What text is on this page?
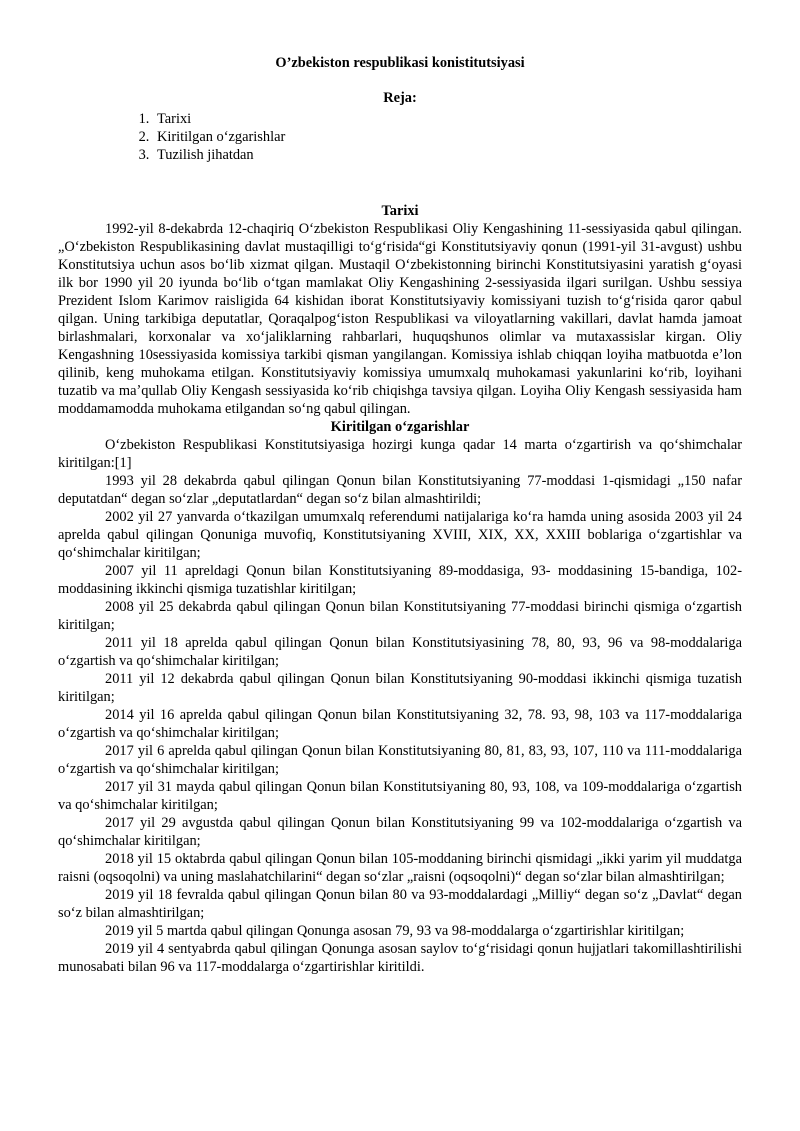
O’zbekiston respublikasi konistitutsiyasi
Reja:
1. Tarixi
2. Kiritilgan o‘zgarishlar
3. Tuzilish jihatdan
Tarixi

1992-yil 8-dekabrda 12-chaqiriq Oʻzbekiston Respublikasi Oliy Kengashining 11-sessiyasida qabul qilingan. „Oʻzbekiston Respublikasining davlat mustaqilligi toʻgʻrisida“gi Konstitutsiyaviy qonun (1991-yil 31-avgust) ushbu Konstitutsiya uchun asos boʻlib xizmat qilgan. Mustaqil Oʻzbekistonning birinchi Konstitutsiyasini yaratish gʻoyasi ilk bor 1990 yil 20 iyunda boʻlib oʻtgan mamlakat Oliy Kengashining 2-sessiyasida ilgari surilgan. Ushbu sessiya Prezident Islom Karimov raisligida 64 kishidan iborat Konstitutsiyaviy komissiyani tuzish toʻgʻrisida qaror qabul qilgan. Uning tarkibiga deputatlar, Qoraqalpogʻiston Respublikasi va viloyatlarning vakillari, davlat hamda jamoat birlashmalari, korxonalar va xoʻjaliklarning rahbarlari, huquqshunos olimlar va mutaxassislar kirgan. Oliy Kengashning 10sessiyasida komissiya tarkibi qisman yangilangan. Komissiya ishlab chiqqan loyiha matbuotda eʼlon qilinib, keng muhokama etilgan. Konstitutsiyaviy komissiya umumxalq muhokamasi yakunlarini koʻrib, loyihani tuzatib va maʼqullab Oliy Kengash sessiyasida koʻrib chiqishga tavsiya qilgan. Loyiha Oliy Kengash sessiyasida ham moddamamodda muhokama etilgandan soʻng qabul qilingan.

Kiritilgan oʻzgarishlar

Oʻzbekiston Respublikasi Konstitutsiyasiga hozirgi kunga qadar 14 marta oʻzgartirish va qoʻshimchalar kiritilgan:[1]

1993 yil 28 dekabrda qabul qilingan Qonun bilan Konstitutsiyaning 77-moddasi 1-qismidagi „150 nafar deputatdan“ degan soʻzlar „deputatlardan“ degan soʻz bilan almashtirildi;

2002 yil 27 yanvarda oʻtkazilgan umumxalq referendumi natijalariga koʻra hamda uning asosida 2003 yil 24 aprelda qabul qilingan Qonuniga muvofiq, Konstitutsiyaning XVIII, XIX, XX, XXIII boblariga oʻzgartishlar va qoʻshimchalar kiritilgan;

2007 yil 11 apreldagi Qonun bilan Konstitutsiyaning 89-moddasiga, 93- moddasining 15-bandiga, 102-moddasining ikkinchi qismiga tuzatishlar kiritilgan;

2008 yil 25 dekabrda qabul qilingan Qonun bilan Konstitutsiyaning 77-moddasi birinchi qismiga oʻzgartish kiritilgan;

2011 yil 18 aprelda qabul qilingan Qonun bilan Konstitutsiyasining 78, 80, 93, 96 va 98-moddalariga oʻzgartish va qoʻshimchalar kiritilgan;

2011 yil 12 dekabrda qabul qilingan Qonun bilan Konstitutsiyaning 90-moddasi ikkinchi qismiga tuzatish kiritilgan;

2014 yil 16 aprelda qabul qilingan Qonun bilan Konstitutsiyaning 32, 78. 93, 98, 103 va 117-moddalariga oʻzgartish va qoʻshimchalar kiritilgan;

2017 yil 6 aprelda qabul qilingan Qonun bilan Konstitutsiyaning 80, 81, 83, 93, 107, 110 va 111-moddalariga oʻzgartish va qoʻshimchalar kiritilgan;

2017 yil 31 mayda qabul qilingan Qonun bilan Konstitutsiyaning 80, 93, 108, va 109-moddalariga oʻzgartish va qoʻshimchalar kiritilgan;

2017 yil 29 avgustda qabul qilingan Qonun bilan Konstitutsiyaning 99 va 102-moddalariga oʻzgartish va qoʻshimchalar kiritilgan;

2018 yil 15 oktabrda qabul qilingan Qonun bilan 105-moddaning birinchi qismidagi „ikki yarim yil muddatga raisni (oqsoqolni) va uning maslahatchilarini“ degan soʻzlar „raisni (oqsoqolni)“ degan soʻzlar bilan almashtirilgan;

2019 yil 18 fevralda qabul qilingan Qonun bilan 80 va 93-moddalardagi „Milliy“ degan soʻz „Davlat“ degan soʻz bilan almashtirilgan;

2019 yil 5 martda qabul qilingan Qonunga asosan 79, 93 va 98-moddalarga oʻzgartirishlar kiritilgan;

2019 yil 4 sentyabrda qabul qilingan Qonunga asosan saylov toʻgʻrisidagi qonun hujjatlari takomillashtirilishi munosabati bilan 96 va 117-moddalarga oʻzgartirishlar kiritildi.
